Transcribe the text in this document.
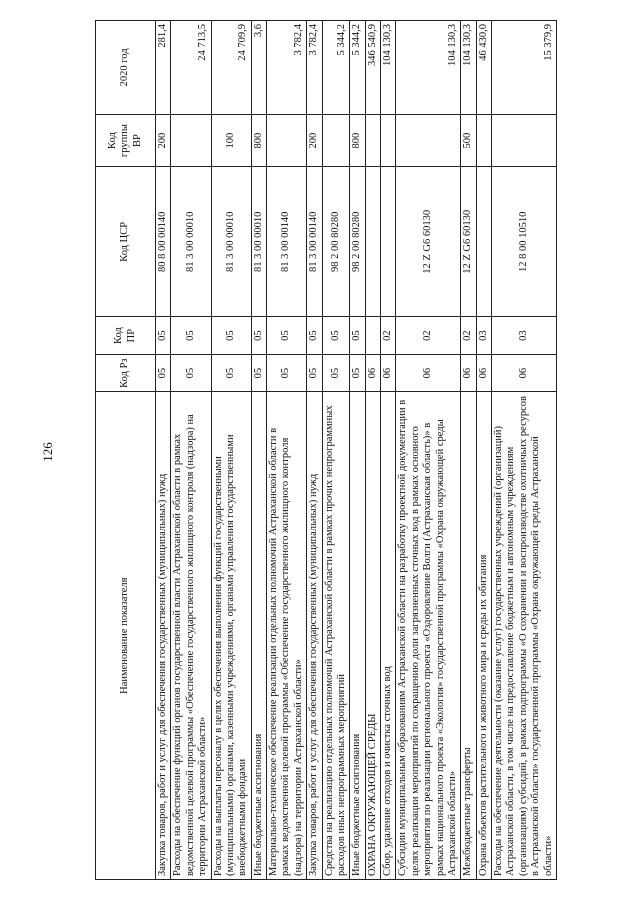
126
Наименование показателя	Код Рз	Код ПР	Код ЦСР	Код группы ВР	2020 год
Закупка товаров, работ и услуг для обеспечения государственных (муниципальных) нужд	05	05	80 8 00 00140	200	281,4
Расходы на обеспечение функций органов государственной власти Астраханской области в рамках ведомственной целевой программы «Обеспечение государственного жилищного контроля (надзора) на территории Астраханской области»	05	05	81 3 00 00010		24 713,5
Расходы на выплаты персоналу в целях обеспечения выполнения функций государственными (муниципальными) органами, казенными учреждениями, органами управления государственными внебюджетными фондами	05	05	81 3 00 00010	100	24 709,9
Иные бюджетные ассигнования	05	05	81 3 00 00010	800	3,6
Материально-техническое обеспечение реализации отдельных полномочий Астраханской области в рамках ведомственной целевой программы «Обеспечение государственного жилищного контроля (надзора) на территории Астраханской области»	05	05	81 3 00 00140		3 782,4
Закупка товаров, работ и услуг для обеспечения государственных (муниципальных) нужд	05	05	81 3 00 00140	200	3 782,4
Средства на реализацию отдельных полномочий Астраханской области в рамках прочих непрограммных расходов иных непрограммных мероприятий	05	05	98 2 00 80280		5 344,2
Иные бюджетные ассигнования	05	05	98 2 00 80280	800	5 344,2
ОХРАНА ОКРУЖАЮЩЕЙ СРЕДЫ	06				346 540,9
Сбор, удаление отходов и очистка сточных вод	06	02			104 130,3
Субсидии муниципальным образованиям Астраханской области на разработку проектной документации в целях реализации мероприятий по сокращению доли загрязненных сточных вод в рамках основного мероприятия по реализации регионального проекта «Оздоровление Волги (Астраханская область)» в рамках национального проекта «Экология» государственной программы «Охрана окружающей среды Астраханской области»	06	02	12 Z G6 60130		104 130,3
Межбюджетные трансферты	06	02	12 Z G6 60130	500	104 130,3
Охрана объектов растительного и животного мира и среды их обитания	06	03			46 430,0
Расходы на обеспечение деятельности (оказание услуг) государственных учреждений (организаций) Астраханской области, в том числе на предоставление бюджетным и автономным учреждениям (организациям) субсидий, в рамках подпрограммы «О сохранении и воспроизводстве охотничьих ресурсов в Астраханской области» государственной программы «Охрана окружающей среды Астраханской области»	06	03	12 8 00 10510		15 379,9
